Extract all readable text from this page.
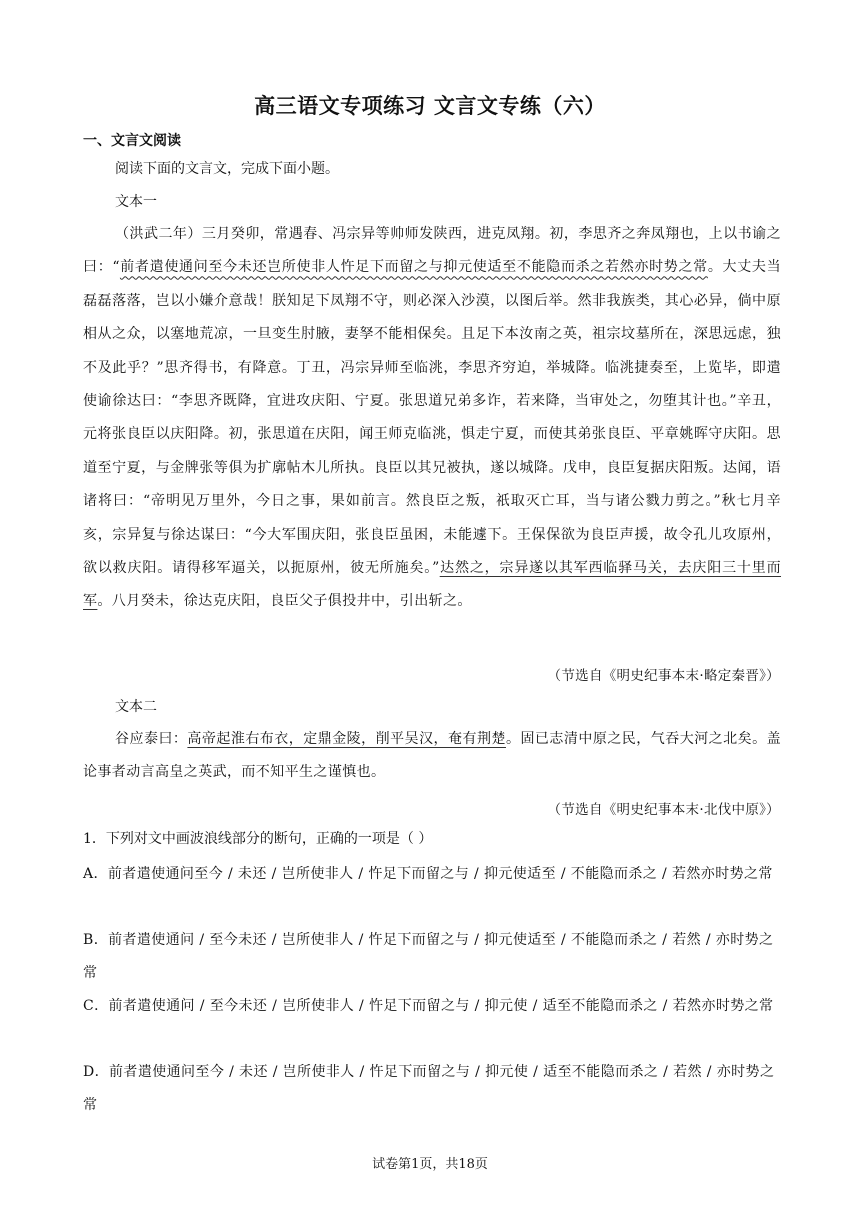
高三语文专项练习 文言文专练（六）
一、文言文阅读
阅读下面的文言文，完成下面小题。
文本一
（洪武二年）三月癸卯，常遇春、冯宗异等帅师发陕西，进克凤翔。初，李思齐之奔凤翔也，上以书谕之曰：“前者遣使通问至今未还岂所使非人忤足下而留之与抑元使适至不能隐而杀之若然亦时势之常。大丈夫当磊磊落落，岂以小嫌介意哉！朕知足下凤翔不守，则必深入沙漠，以图后举。然非我族类，其心必异，倘中原相从之众，以塞地荒凉，一旦变生肘腋，妻孥不能相保矣。且足下本汝南之英，祖宗坟墓所在，深思远虑，独不及此乎？”思齐得书，有降意。丁丑，冯宗异师至临洮，李思齐穷迫，举城降。临洮捷奏至，上览毕，即遣使谕徐达曰：“李思齐既降，宜进攻庆阳、宁夏。张思道兄弟多诈，若来降，当审处之，勿堕其计也。”辛丑，元将张良臣以庆阳降。初，张思道在庆阳，闻王师克临洮，惧走宁夏，而使其弟张良臣、平章姚晖守庆阳。思道至宁夏，与金牌张等俱为扩廓帖木儿所执。良臣以其兄被执，遂以城降。戊申，良臣复据庆阳叛。达闻，语诸将曰：“帝明见万里外，今日之事，果如前言。然良臣之叛，祇取灭亡耳，当与诸公戮力剪之。”秋七月辛亥，宗异复与徐达谋曰：“今大军围庆阳，张良臣虽困，未能遽下。王保保欲为良臣声援，故令孔儿攻原州，欲以救庆阳。请得移军逼关，以扼原州，彼无所施矣。”达然之，宗异遂以其军西临驿马关，去庆阳三十里而军。八月癸未，徐达克庆阳，良臣父子俱投井中，引出斩之。
（节选自《明史纪事本末·略定秦晋》）
文本二
谷应泰曰：高帝起淮右布衣，定鼎金陵，削平吴汉，奄有荆楚。固已志清中原之民，气吞大河之北矣。盖论事者动言高皇之英武，而不知平生之谨慎也。
（节选自《明史纪事本末·北伐中原》）
1．下列对文中画波浪线部分的断句，正确的一项是（ ）
A．前者遣使通问至今 / 未还 / 岂所使非人 / 忤足下而留之与 / 抑元使适至 / 不能隐而杀之 / 若然亦时势之常
B．前者遣使通问 / 至今未还 / 岂所使非人 / 忤足下而留之与 / 抑元使适至 / 不能隐而杀之 / 若然 / 亦时势之常
C．前者遣使通问 / 至今未还 / 岂所使非人 / 忤足下而留之与 / 抑元使 / 适至不能隐而杀之 / 若然亦时势之常
D．前者遣使通问至今 / 未还 / 岂所使非人 / 忤足下而留之与 / 抑元使 / 适至不能隐而杀之 / 若然 / 亦时势之常
试卷第1页，共18页
